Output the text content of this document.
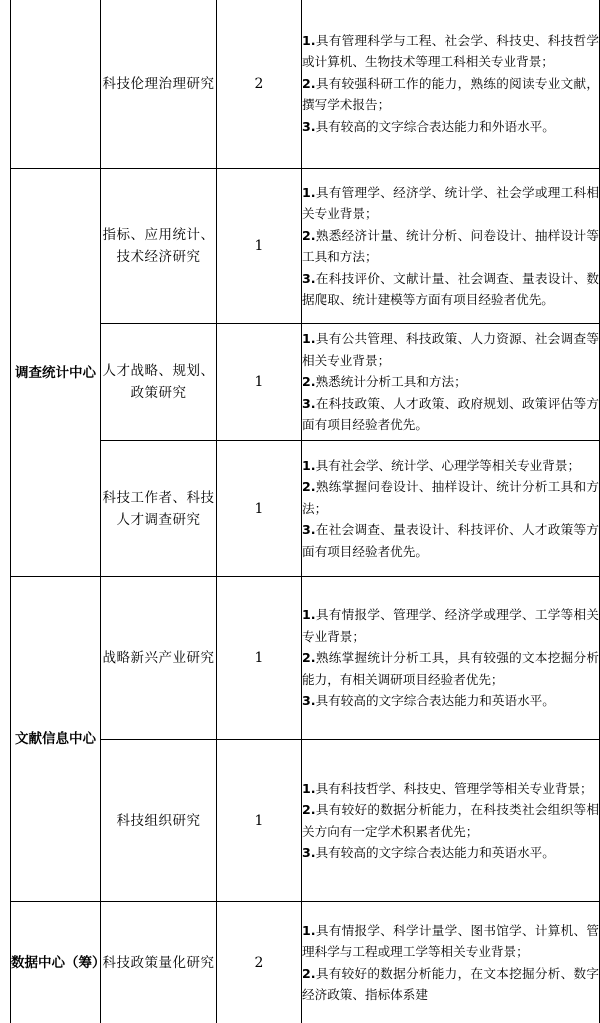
	科技伦理治理研究	2	1.具有管理科学与工程、社会学、科技史、科技哲学或计算机、生物技术等理工科相关专业背景；

2.具有较强科研工作的能力，熟练的阅读专业文献，撰写学术报告；

3.具有较高的文字综合表达能力和外语水平。

调查统计中心	指标、应用统计、技术经济研究	1	1.具有管理学、经济学、统计学、社会学或理工科相关专业背景；

2.熟悉经济计量、统计分析、问卷设计、抽样设计等工具和方法；

3.在科技评价、文献计量、社会调查、量表设计、数据爬取、统计建模等方面有项目经验者优先。

	人才战略、规划、政策研究	1	1.具有公共管理、科技政策、人力资源、社会调查等相关专业背景；

2.熟悉统计分析工具和方法；

3.在科技政策、人才政策、政府规划、政策评估等方面有项目经验者优先。

	科技工作者、科技人才调查研究	1	1.具有社会学、统计学、心理学等相关专业背景；

2.熟练掌握问卷设计、抽样设计、统计分析工具和方法；

3.在社会调查、量表设计、科技评价、人才政策等方面有项目经验者优先。

文献信息中心	战略新兴产业研究	1	1.具有情报学、管理学、经济学或理学、工学等相关专业背景；

2.熟练掌握统计分析工具，具有较强的文本挖掘分析能力，有相关调研项目经验者优先；

3.具有较高的文字综合表达能力和英语水平。

	科技组织研究	1	1.具有科技哲学、科技史、管理学等相关专业背景；

2.具有较好的数据分析能力，在科技类社会组织等相关方向有一定学术积累者优先；

3.具有较高的文字综合表达能力和英语水平。

数据中心（筹）	科技政策量化研究	2	1.具有情报学、科学计量学、图书馆学、计算机、管理科学与工程或理工学等相关专业背景；

2.具有较好的数据分析能力，在文本挖掘分析、数字经济政策、指标体系建
